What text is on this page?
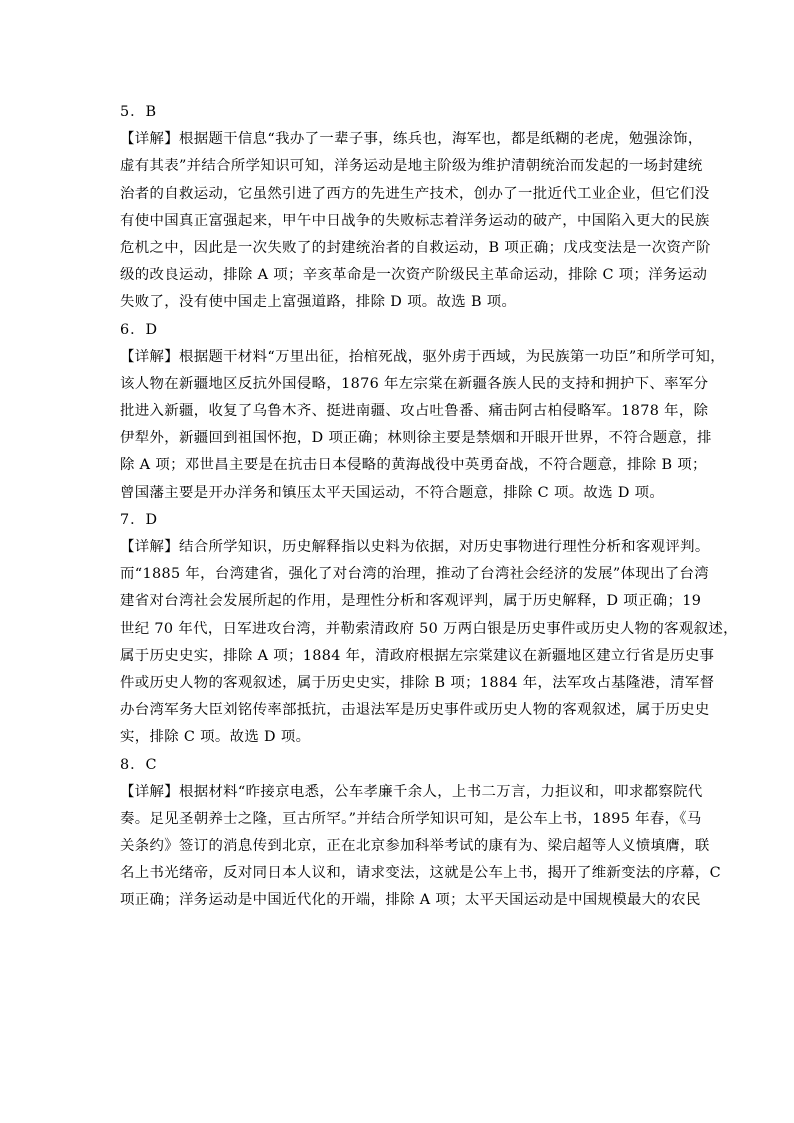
5．B
【详解】根据题干信息“我办了一辈子事，练兵也，海军也，都是纸糊的老虎，勉强涂饰，
虚有其表”并结合所学知识可知，洋务运动是地主阶级为维护清朝统治而发起的一场封建统
治者的自救运动，它虽然引进了西方的先进生产技术，创办了一批近代工业企业，但它们没
有使中国真正富强起来，甲午中日战争的失败标志着洋务运动的破产，中国陷入更大的民族
危机之中，因此是一次失败了的封建统治者的自救运动，B 项正确；戊戌变法是一次资产阶
级的改良运动，排除 A 项；辛亥革命是一次资产阶级民主革命运动，排除 C 项；洋务运动
失败了，没有使中国走上富强道路，排除 D 项。故选 B 项。
6．D
【详解】根据题干材料“万里出征，抬棺死战，驱外虏于西域，为民族第一功臣”和所学可知，
该人物在新疆地区反抗外国侵略，1876 年左宗棠在新疆各族人民的支持和拥护下、率军分
批进入新疆，收复了乌鲁木齐、挺进南疆、攻占吐鲁番、痛击阿古柏侵略军。1878 年，除
伊犁外，新疆回到祖国怀抱，D 项正确；林则徐主要是禁烟和开眼开世界，不符合题意，排
除 A 项；邓世昌主要是在抗击日本侵略的黄海战役中英勇奋战，不符合题意，排除 B 项；
曾国藩主要是开办洋务和镇压太平天国运动，不符合题意，排除 C 项。故选 D 项。
7．D
【详解】结合所学知识，历史解释指以史料为依据，对历史事物进行理性分析和客观评判。
而“1885 年，台湾建省，强化了对台湾的治理，推动了台湾社会经济的发展”体现出了台湾
建省对台湾社会发展所起的作用，是理性分析和客观评判，属于历史解释，D 项正确；19
世纪 70 年代，日军进攻台湾，并勒索清政府 50 万两白银是历史事件或历史人物的客观叙述，
属于历史史实，排除 A 项；1884 年，清政府根据左宗棠建议在新疆地区建立行省是历史事
件或历史人物的客观叙述，属于历史史实，排除 B 项；1884 年，法军攻占基隆港，清军督
办台湾军务大臣刘铭传率部抵抗，击退法军是历史事件或历史人物的客观叙述，属于历史史
实，排除 C 项。故选 D 项。
8．C
【详解】根据材料“昨接京电悉，公车孝廉千余人，上书二万言，力拒议和，叩求都察院代
奏。足见圣朝养士之隆，亘古所罕。”并结合所学知识可知，是公车上书，1895 年春，《马
关条约》签订的消息传到北京，正在北京参加科举考试的康有为、梁启超等人义愤填膺，联
名上书光绪帝，反对同日本人议和，请求变法，这就是公车上书，揭开了维新变法的序幕，C
项正确；洋务运动是中国近代化的开端，排除 A 项；太平天国运动是中国规模最大的农民
